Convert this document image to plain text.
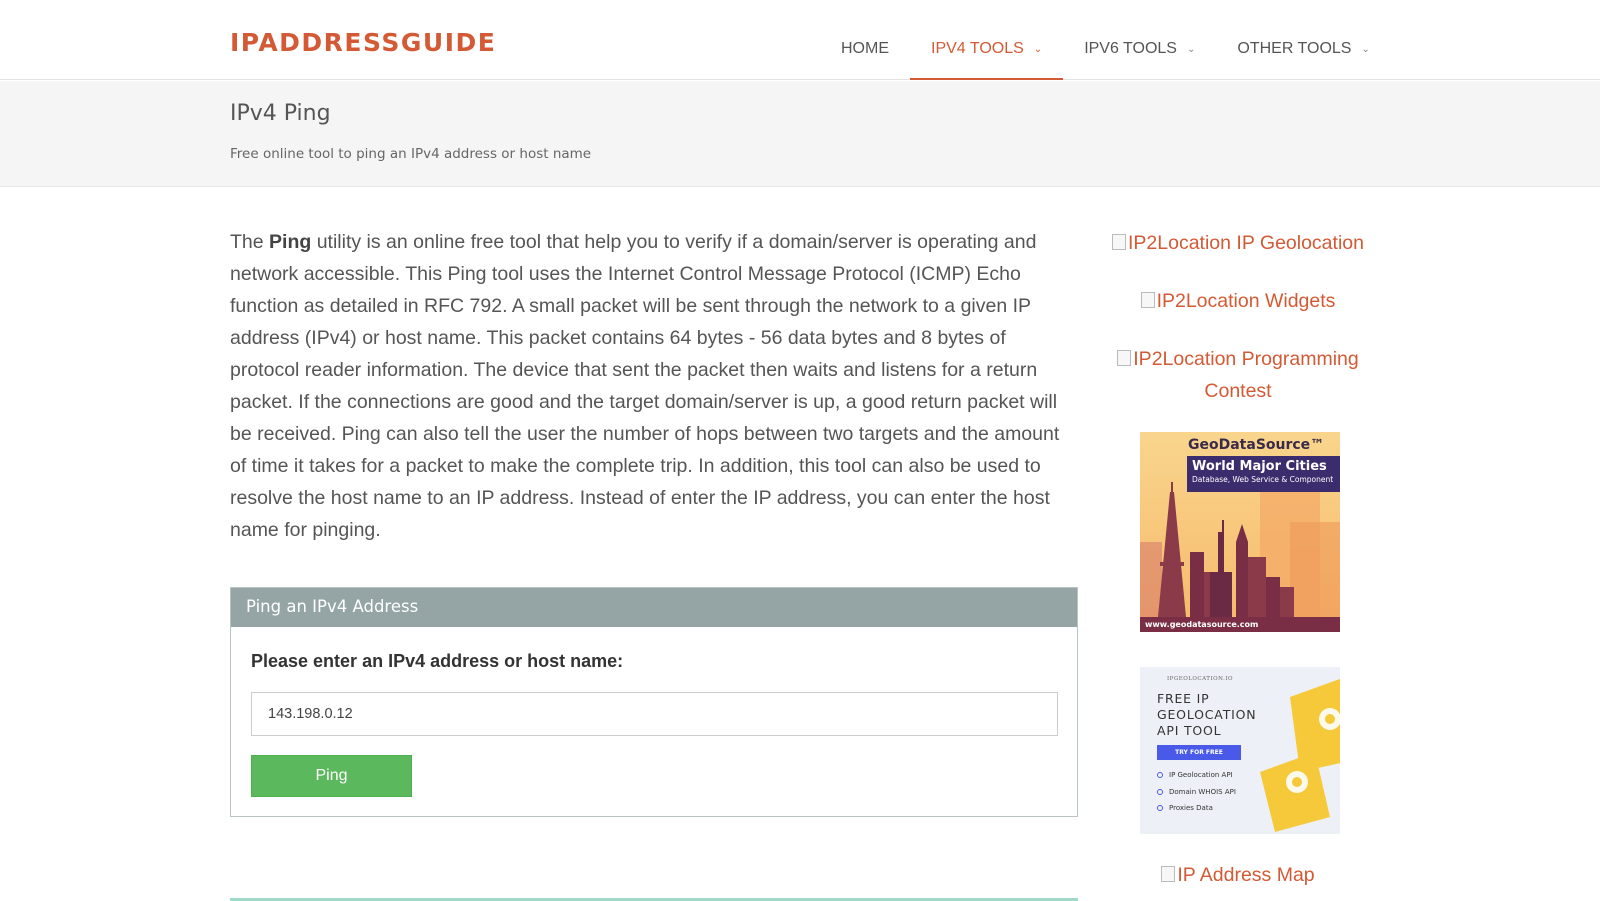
IPADDRESSGUIDE	HOME	IPV4 TOOLS ⌄	IPV6 TOOLS ⌄	OTHER TOOLS ⌄
IPv4 Ping
Free online tool to ping an IPv4 address or host name

The Ping utility is an online free tool that help you to verify if a domain/server is operating and network accessible. This Ping tool uses the Internet Control Message Protocol (ICMP) Echo function as detailed in RFC 792. A small packet will be sent through the network to a given IP address (IPv4) or host name. This packet contains 64 bytes - 56 data bytes and 8 bytes of protocol reader information. The device that sent the packet then waits and listens for a return packet. If the connections are good and the target domain/server is up, a good return packet will be received. Ping can also tell the user the number of hops between two targets and the amount of time it takes for a packet to make the complete trip. In addition, this tool can also be used to resolve the host name to an IP address. Instead of enter the IP address, you can enter the host name for pinging.

Ping an IPv4 Address
Please enter an IPv4 address or host name:
143.198.0.12
Ping
IP2Location IP Geolocation
IP2Location Widgets
IP2Location Programming Contest
GeoDataSource™
World Major Cities
Database, Web Service & Component
www.geodatasource.com
IPGEOLOCATION.IO
FREE IP
GEOLOCATION
API TOOL
TRY FOR FREE
IP Geolocation API
Domain WHOIS API
Proxies Data
IP Address Map
